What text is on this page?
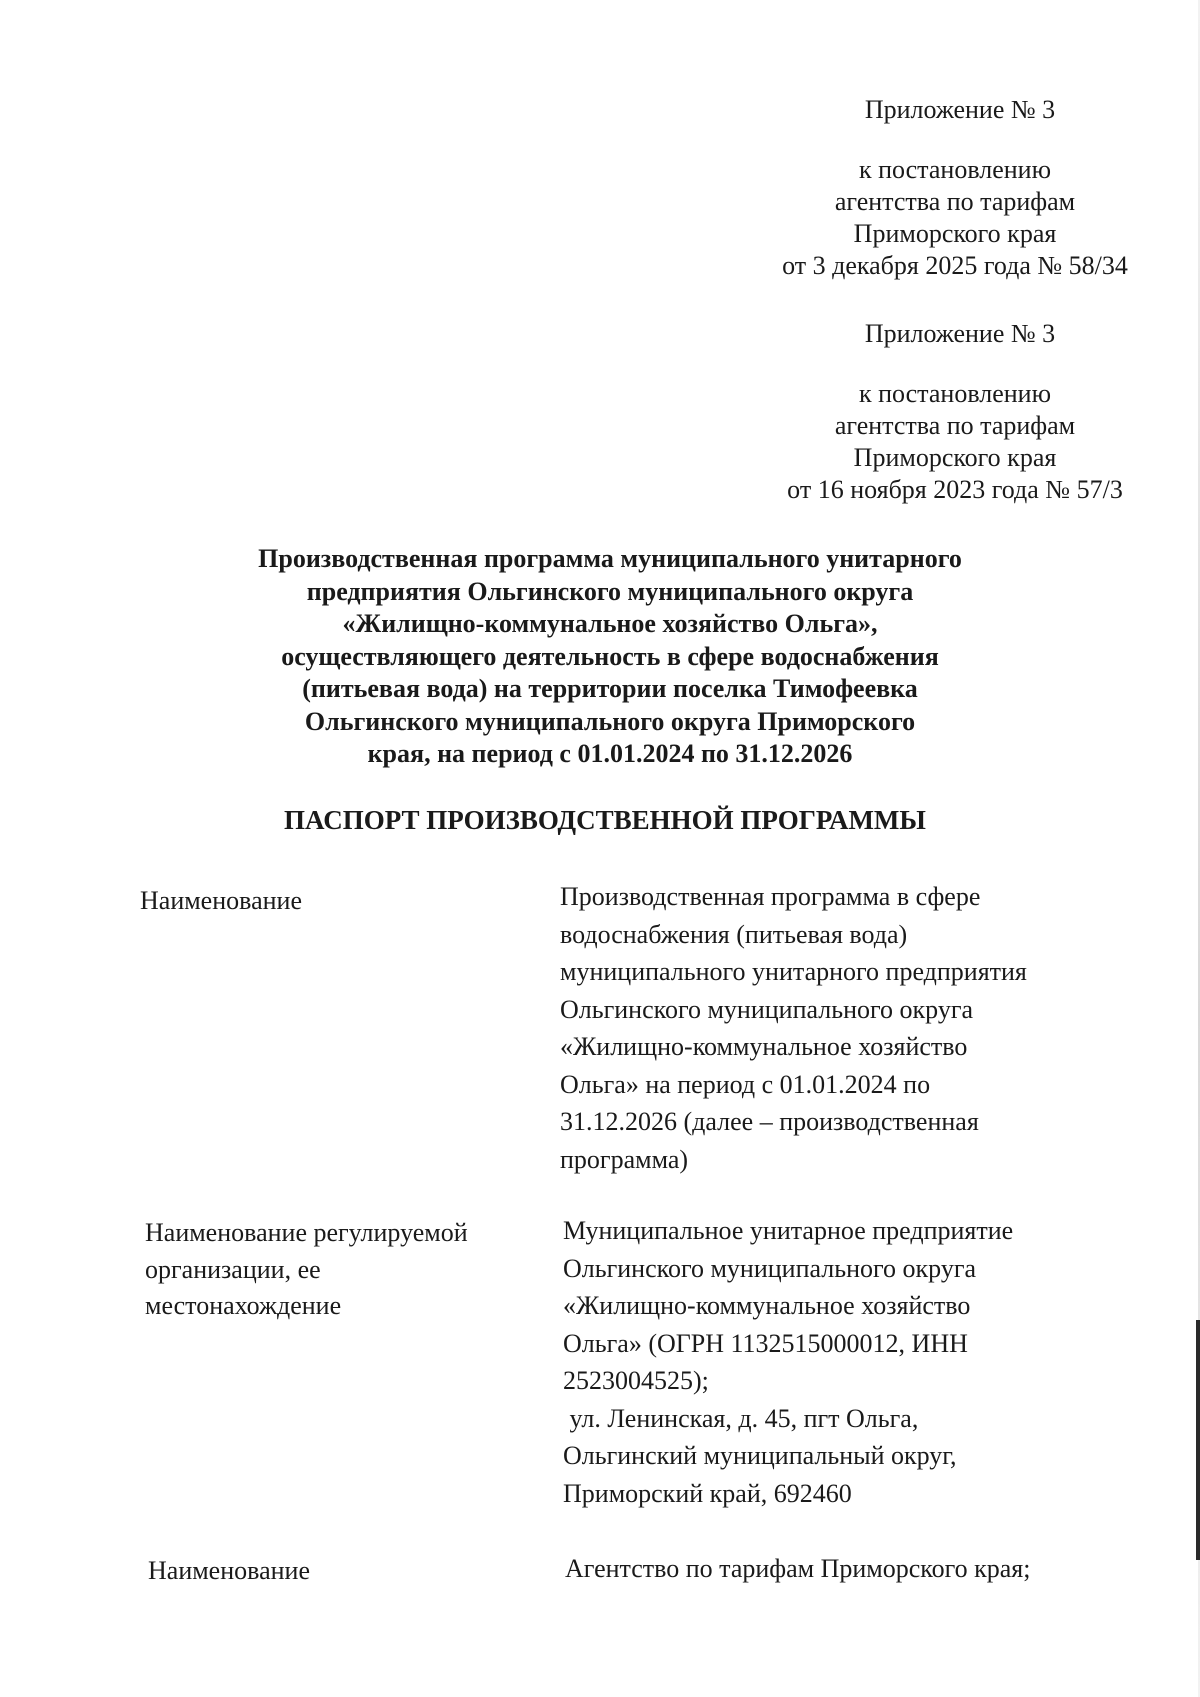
Приложение № 3
к постановлению
агентства по тарифам
Приморского края
от 3 декабря 2025 года № 58/34
Приложение № 3
к постановлению
агентства по тарифам
Приморского края
от 16 ноября 2023 года № 57/3
Производственная программа муниципального унитарного
предприятия Ольгинского муниципального округа
«Жилищно-коммунальное хозяйство Ольга»,
осуществляющего деятельность в сфере водоснабжения
(питьевая вода) на территории поселка Тимофеевка
Ольгинского муниципального округа Приморского
края, на период с 01.01.2024 по 31.12.2026
ПАСПОРТ ПРОИЗВОДСТВЕННОЙ ПРОГРАММЫ
Наименование	Производственная программа в сфере
водоснабжения (питьевая вода)
муниципального унитарного предприятия
Ольгинского муниципального округа
«Жилищно-коммунальное хозяйство
Ольга» на период с 01.01.2024 по
31.12.2026 (далее – производственная
программа)
Наименование регулируемой
организации, ее
местонахождение
Муниципальное унитарное предприятие
Ольгинского муниципального округа
«Жилищно-коммунальное хозяйство
Ольга» (ОГРН 1132515000012, ИНН
2523004525);
ул. Ленинская, д. 45, пгт Ольга,
Ольгинский муниципальный округ,
Приморский край, 692460
Наименование	Агентство по тарифам Приморского края;
